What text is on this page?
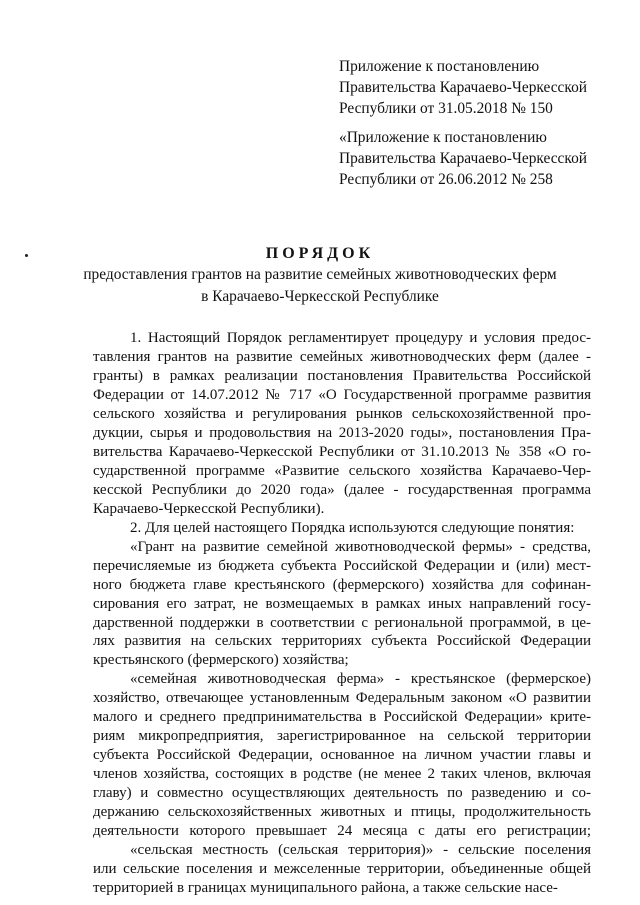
Приложение к постановлению
Правительства Карачаево-Черкесской
Республики от 31.05.2018 № 150
«Приложение к постановлению
Правительства Карачаево-Черкесской
Республики от 26.06.2012 № 258
ПОРЯДОК
предоставления грантов на развитие семейных животноводческих ферм
в Карачаево-Черкесской Республике
1. Настоящий Порядок регламентирует процедуру и условия предос-
тавления грантов на развитие семейных животноводческих ферм (далее -
гранты) в рамках реализации постановления Правительства Российской
Федерации от 14.07.2012 № 717 «О Государственной программе развития
сельского хозяйства и регулирования рынков сельскохозяйственной про-
дукции, сырья и продовольствия на 2013-2020 годы», постановления Пра-
вительства Карачаево-Черкесской Республики от 31.10.2013 № 358 «О го-
сударственной программе «Развитие сельского хозяйства Карачаево-Чер-
кесской Республики до 2020 года» (далее - государственная программа
Карачаево-Черкесской Республики).
2. Для целей настоящего Порядка используются следующие понятия:
«Грант на развитие семейной животноводческой фермы» - средства,
перечисляемые из бюджета субъекта Российской Федерации и (или) мест-
ного бюджета главе крестьянского (фермерского) хозяйства для софинан-
сирования его затрат, не возмещаемых в рамках иных направлений госу-
дарственной поддержки в соответствии с региональной программой, в це-
лях развития на сельских территориях субъекта Российской Федерации
крестьянского (фермерского) хозяйства;
«семейная животноводческая ферма» - крестьянское (фермерское)
хозяйство, отвечающее установленным Федеральным законом «О развитии
малого и среднего предпринимательства в Российской Федерации» крите-
риям микропредприятия, зарегистрированное на сельской территории
субъекта Российской Федерации, основанное на личном участии главы и
членов хозяйства, состоящих в родстве (не менее 2 таких членов, включая
главу) и совместно осуществляющих деятельность по разведению и со-
держанию сельскохозяйственных животных и птицы, продолжительность
деятельности которого превышает 24 месяца с даты его регистрации;
«сельская местность (сельская территория)» - сельские поселения
или сельские поселения и межселенные территории, объединенные общей
территорией в границах муниципального района, а также сельские насе-
